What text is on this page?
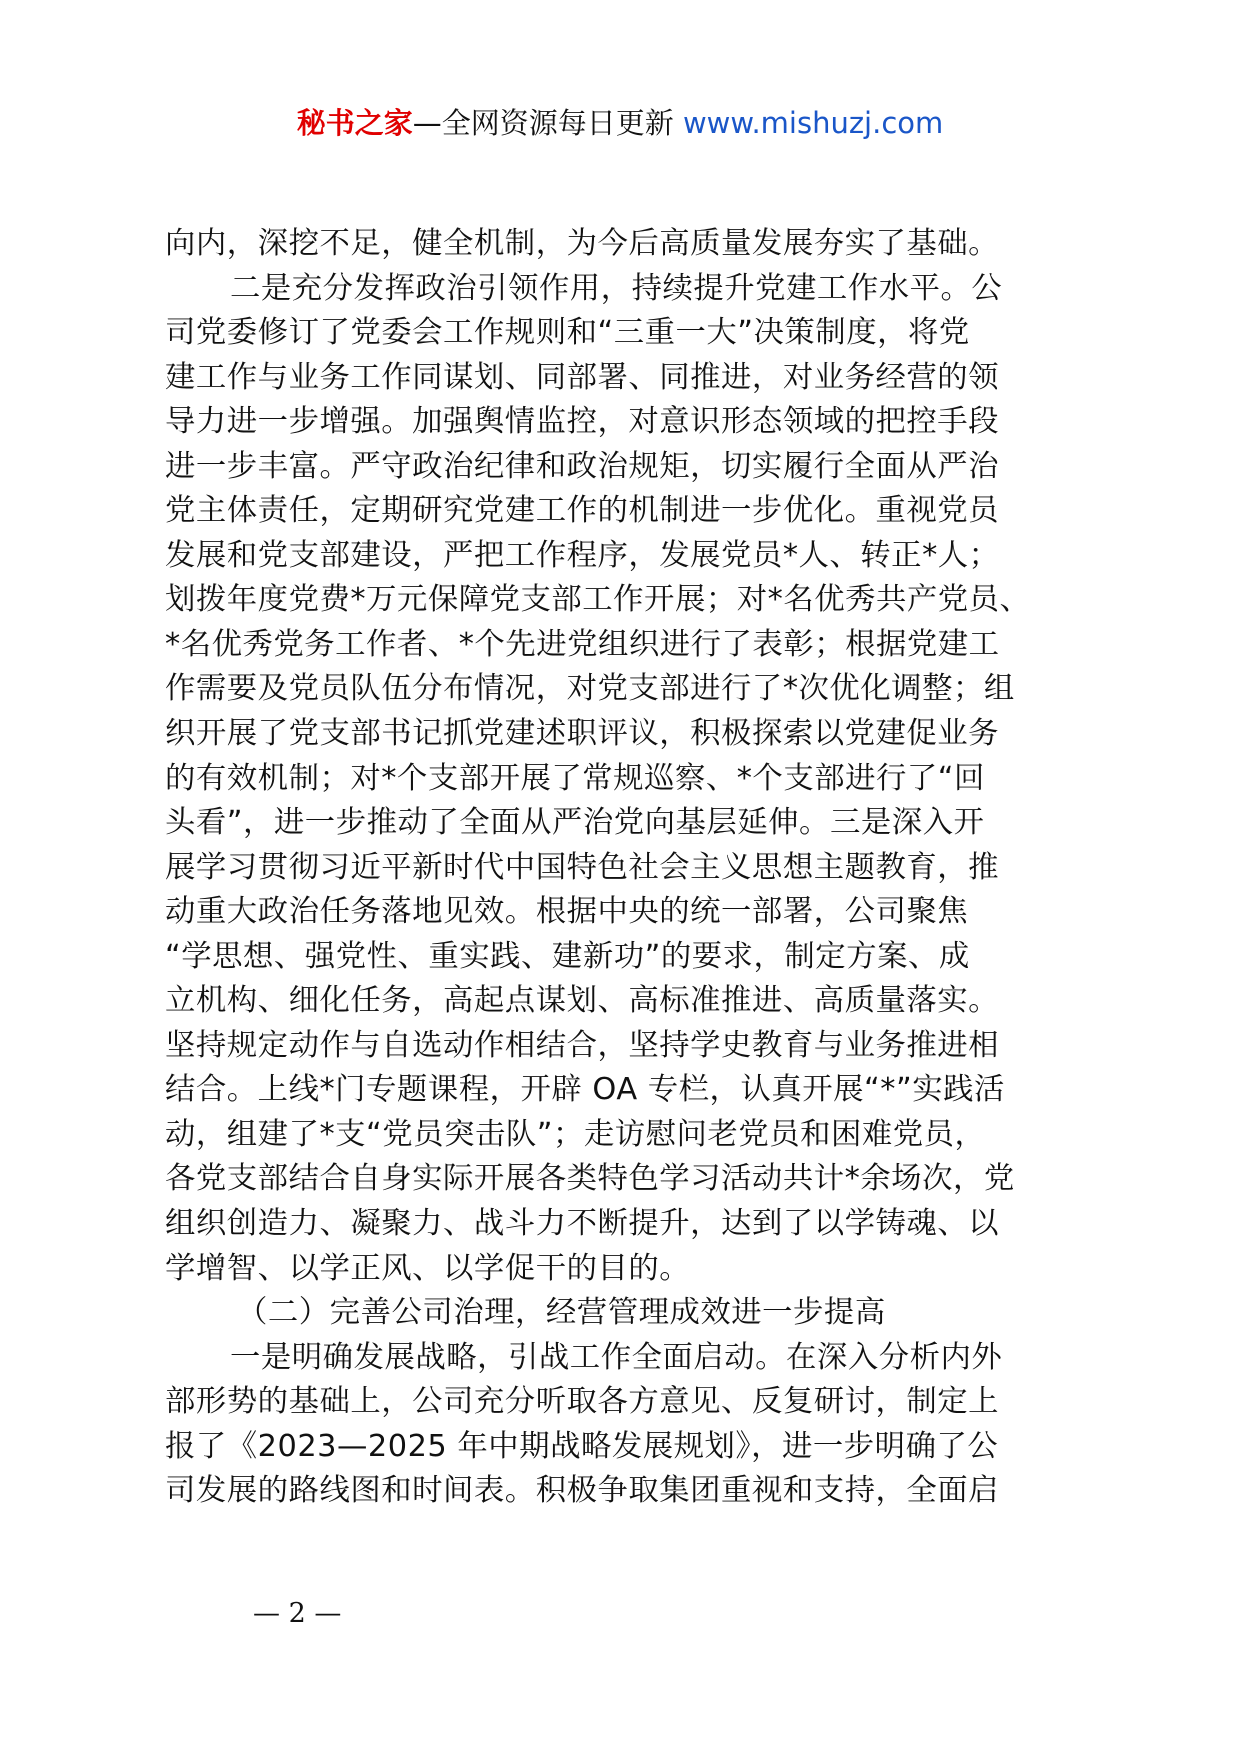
秘书之家—全网资源每日更新 www.mishuzj.com
向内，深挖不足，健全机制，为今后高质量发展夯实了基础。
二是充分发挥政治引领作用，持续提升党建工作水平。公
司党委修订了党委会工作规则和“三重一大”决策制度，将党
建工作与业务工作同谋划、同部署、同推进，对业务经营的领
导力进一步增强。加强舆情监控，对意识形态领域的把控手段
进一步丰富。严守政治纪律和政治规矩，切实履行全面从严治
党主体责任，定期研究党建工作的机制进一步优化。重视党员
发展和党支部建设，严把工作程序，发展党员*人、转正*人；
划拨年度党费*万元保障党支部工作开展；对*名优秀共产党员、
*名优秀党务工作者、*个先进党组织进行了表彰；根据党建工
作需要及党员队伍分布情况，对党支部进行了*次优化调整；组
织开展了党支部书记抓党建述职评议，积极探索以党建促业务
的有效机制；对*个支部开展了常规巡察、*个支部进行了“回
头看”，进一步推动了全面从严治党向基层延伸。三是深入开
展学习贯彻习近平新时代中国特色社会主义思想主题教育，推
动重大政治任务落地见效。根据中央的统一部署，公司聚焦
“学思想、强党性、重实践、建新功”的要求，制定方案、成
立机构、细化任务，高起点谋划、高标准推进、高质量落实。
坚持规定动作与自选动作相结合，坚持学史教育与业务推进相
结合。上线*门专题课程，开辟 OA 专栏，认真开展“*”实践活
动，组建了*支“党员突击队”；走访慰问老党员和困难党员，
各党支部结合自身实际开展各类特色学习活动共计*余场次，党
组织创造力、凝聚力、战斗力不断提升，达到了以学铸魂、以
学增智、以学正风、以学促干的目的。
（二）完善公司治理，经营管理成效进一步提高
一是明确发展战略，引战工作全面启动。在深入分析内外
部形势的基础上，公司充分听取各方意见、反复研讨，制定上
报了《2023—2025 年中期战略发展规划》，进一步明确了公
司发展的路线图和时间表。积极争取集团重视和支持，全面启
— 2 —
